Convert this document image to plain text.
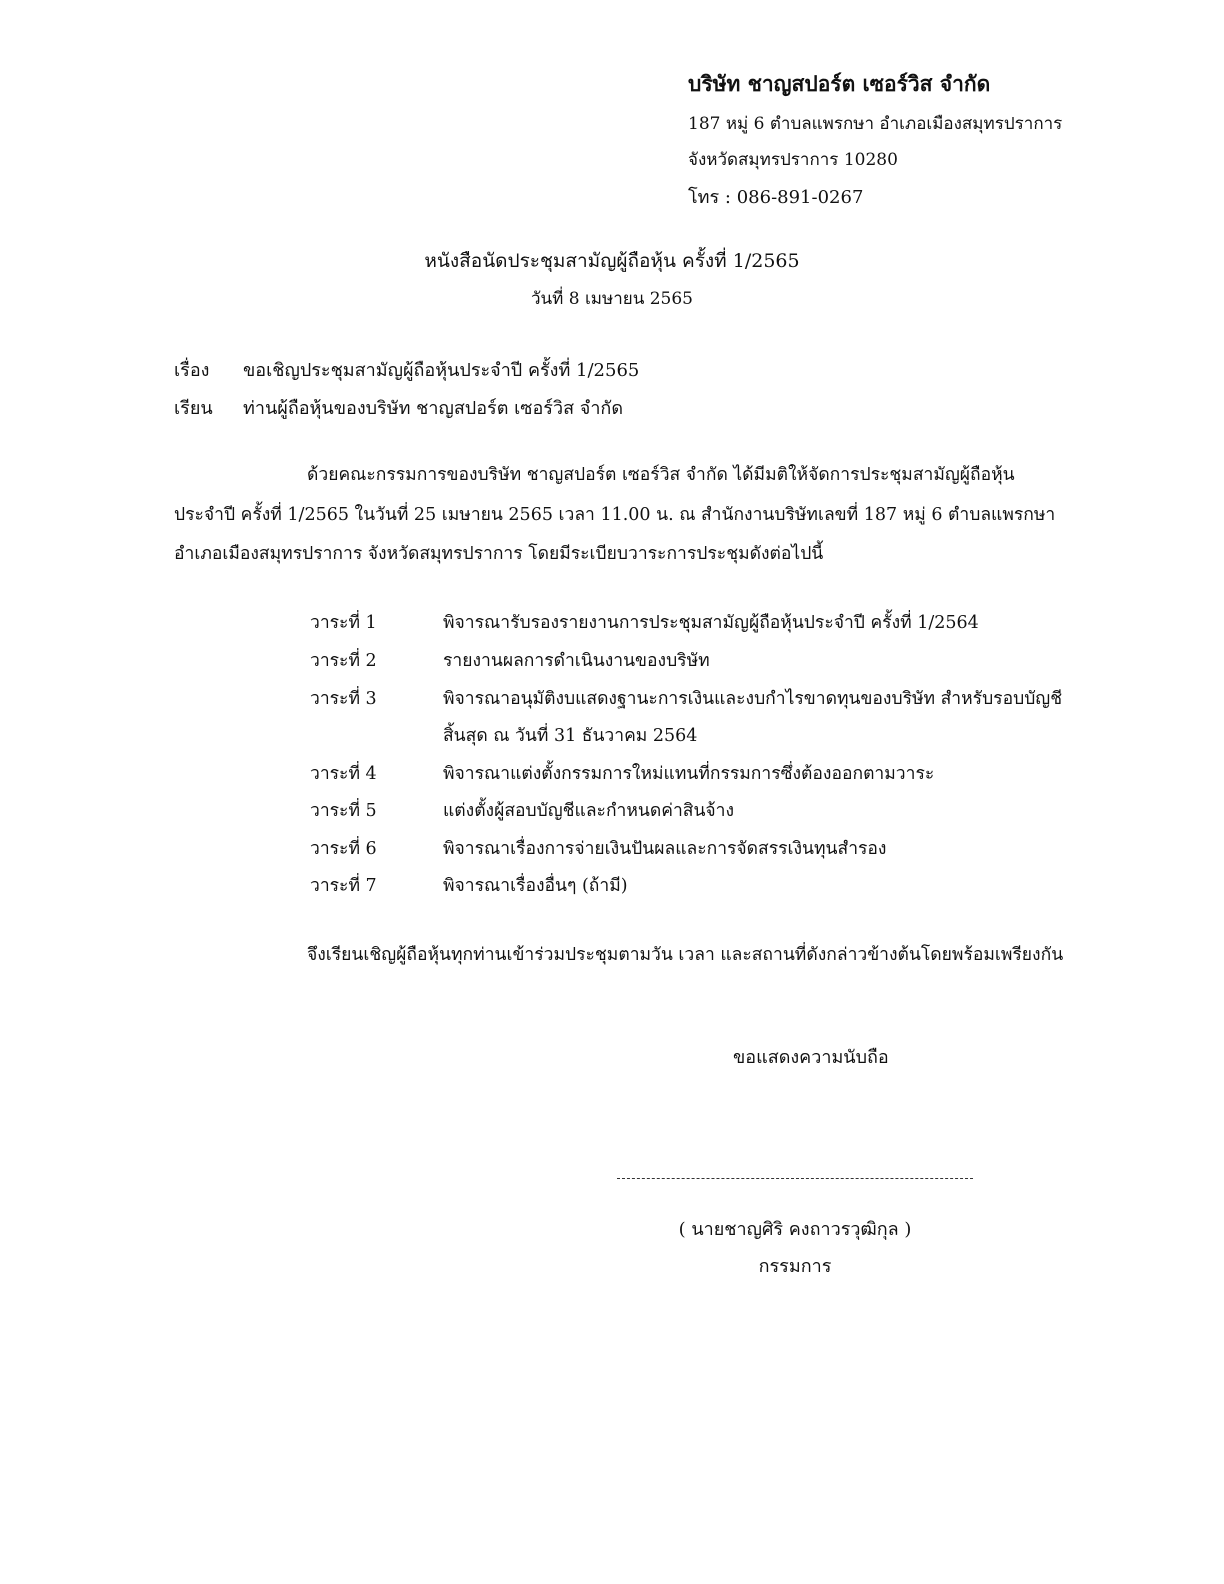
บริษัท ชาญสปอร์ต เซอร์วิส จำกัด
187 หมู่ 6 ตำบลแพรกษา อำเภอเมืองสมุทรปราการ
จังหวัดสมุทรปราการ 10280
โทร : 086-891-0267
หนังสือนัดประชุมสามัญผู้ถือหุ้น ครั้งที่ 1/2565
วันที่ 8 เมษายน 2565
เรื่อง ขอเชิญประชุมสามัญผู้ถือหุ้นประจำปี ครั้งที่ 1/2565
เรียน ท่านผู้ถือหุ้นของบริษัท ชาญสปอร์ต เซอร์วิส จำกัด
ด้วยคณะกรรมการของบริษัท ชาญสปอร์ต เซอร์วิส จำกัด ได้มีมติให้จัดการประชุมสามัญผู้ถือหุ้น
ประจำปี ครั้งที่ 1/2565 ในวันที่ 25 เมษายน 2565 เวลา 11.00 น. ณ สำนักงานบริษัทเลขที่ 187 หมู่ 6 ตำบลแพรกษา
อำเภอเมืองสมุทรปราการ จังหวัดสมุทรปราการ โดยมีระเบียบวาระการประชุมดังต่อไปนี้
วาระที่ 1	พิจารณารับรองรายงานการประชุมสามัญผู้ถือหุ้นประจำปี ครั้งที่ 1/2564
วาระที่ 2	รายงานผลการดำเนินงานของบริษัท
วาระที่ 3	พิจารณาอนุมัติงบแสดงฐานะการเงินและงบกำไรขาดทุนของบริษัท สำหรับรอบบัญชี
สิ้นสุด ณ วันที่ 31 ธันวาคม 2564
วาระที่ 4	พิจารณาแต่งตั้งกรรมการใหม่แทนที่กรรมการซึ่งต้องออกตามวาระ
วาระที่ 5	แต่งตั้งผู้สอบบัญชีและกำหนดค่าสินจ้าง
วาระที่ 6	พิจารณาเรื่องการจ่ายเงินปันผลและการจัดสรรเงินทุนสำรอง
วาระที่ 7	พิจารณาเรื่องอื่นๆ (ถ้ามี)
จึงเรียนเชิญผู้ถือหุ้นทุกท่านเข้าร่วมประชุมตามวัน เวลา และสถานที่ดังกล่าวข้างต้นโดยพร้อมเพรียงกัน
ขอแสดงความนับถือ
( นายชาญศิริ คงถาวรวุฒิกุล )
กรรมการ
